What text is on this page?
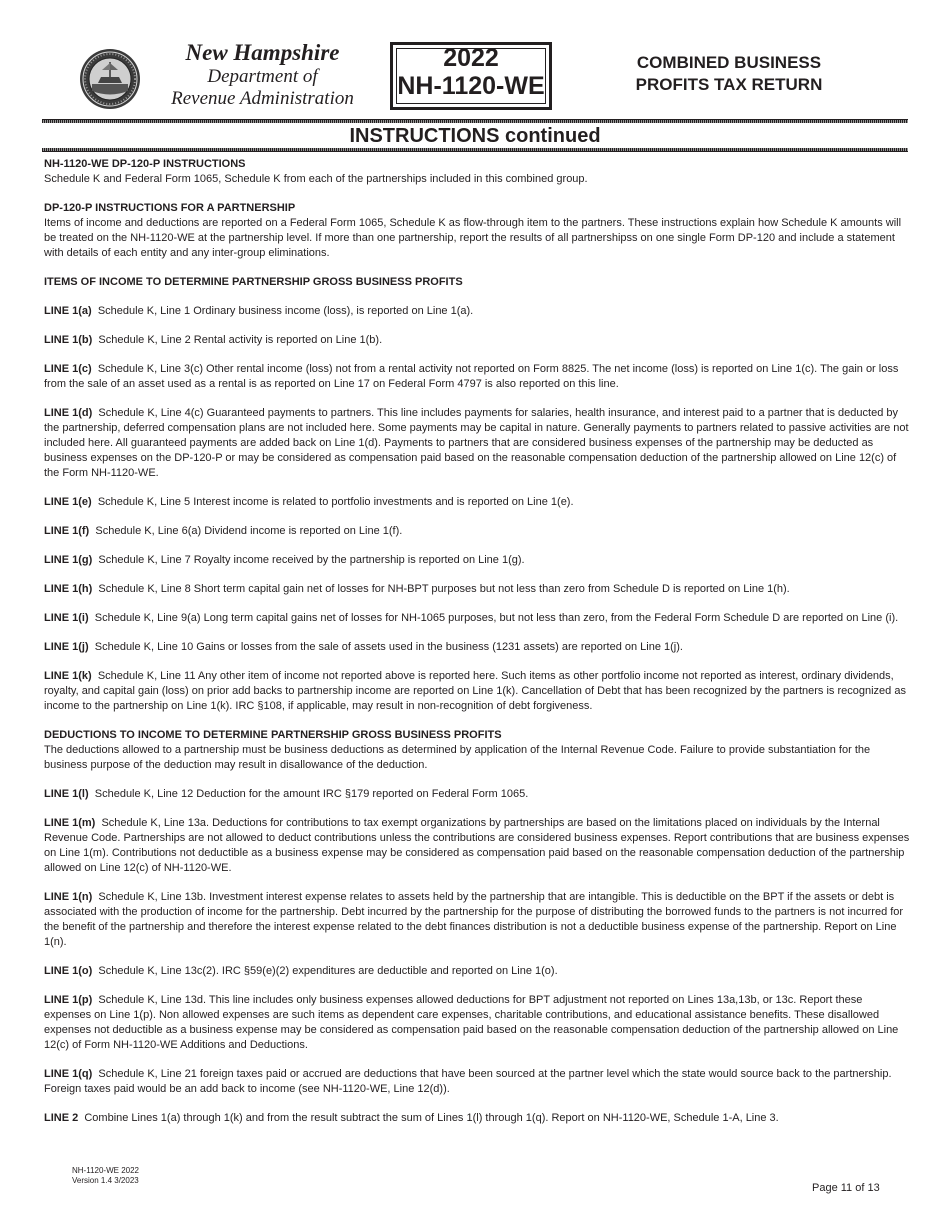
New Hampshire
Department of
Revenue Administration
2022
NH-1120-WE
COMBINED BUSINESS
PROFITS TAX RETURN
INSTRUCTIONS continued

NH-1120-WE DP-120-P INSTRUCTIONS
Schedule K and Federal Form 1065, Schedule K from each of the partnerships included in this combined group.

DP-120-P INSTRUCTIONS FOR A PARTNERSHIP
Items of income and deductions are reported on a Federal Form 1065, Schedule K as flow-through item to the partners. These instructions explain how Schedule K amounts will be treated on the NH-1120-WE at the partnership level. If more than one partnership, report the results of all partnershipss on one single Form DP-120 and include a statement with details of each entity and any inter-group eliminations.

ITEMS OF INCOME TO DETERMINE PARTNERSHIP GROSS BUSINESS PROFITS

LINE 1(a) Schedule K, Line 1 Ordinary business income (loss), is reported on Line 1(a).

LINE 1(b) Schedule K, Line 2 Rental activity is reported on Line 1(b).

LINE 1(c) Schedule K, Line 3(c) Other rental income (loss) not from a rental activity not reported on Form 8825. The net income (loss) is reported on Line 1(c). The gain or loss from the sale of an asset used as a rental is as reported on Line 17 on Federal Form 4797 is also reported on this line.

LINE 1(d) Schedule K, Line 4(c) Guaranteed payments to partners. This line includes payments for salaries, health insurance, and interest paid to a partner that is deducted by the partnership, deferred compensation plans are not included here. Some payments may be capital in nature. Generally payments to partners related to passive activities are not included here. All guaranteed payments are added back on Line 1(d). Payments to partners that are considered business expenses of the partnership may be deducted as business expenses on the DP-120-P or may be considered as compensation paid based on the reasonable compensation deduction of the partnership allowed on Line 12(c) of the Form NH-1120-WE.

LINE 1(e) Schedule K, Line 5 Interest income is related to portfolio investments and is reported on Line 1(e).

LINE 1(f) Schedule K, Line 6(a) Dividend income is reported on Line 1(f).

LINE 1(g) Schedule K, Line 7 Royalty income received by the partnership is reported on Line 1(g).

LINE 1(h) Schedule K, Line 8 Short term capital gain net of losses for NH-BPT purposes but not less than zero from Schedule D is reported on Line 1(h).

LINE 1(i) Schedule K, Line 9(a) Long term capital gains net of losses for NH-1065 purposes, but not less than zero, from the Federal Form Schedule D are reported on Line (i).

LINE 1(j) Schedule K, Line 10 Gains or losses from the sale of assets used in the business (1231 assets) are reported on Line 1(j).

LINE 1(k) Schedule K, Line 11 Any other item of income not reported above is reported here. Such items as other portfolio income not reported as interest, ordinary dividends, royalty, and capital gain (loss) on prior add backs to partnership income are reported on Line 1(k). Cancellation of Debt that has been recognized by the partners is recognized as income to the partnership on Line 1(k). IRC §108, if applicable, may result in non-recognition of debt forgiveness.

DEDUCTIONS TO INCOME TO DETERMINE PARTNERSHIP GROSS BUSINESS PROFITS
The deductions allowed to a partnership must be business deductions as determined by application of the Internal Revenue Code. Failure to provide substantiation for the business purpose of the deduction may result in disallowance of the deduction.

LINE 1(l) Schedule K, Line 12 Deduction for the amount IRC §179 reported on Federal Form 1065.

LINE 1(m) Schedule K, Line 13a. Deductions for contributions to tax exempt organizations by partnerships are based on the limitations placed on individuals by the Internal Revenue Code. Partnerships are not allowed to deduct contributions unless the contributions are considered business expenses. Report contributions that are business expenses on Line 1(m). Contributions not deductible as a business expense may be considered as compensation paid based on the reasonable compensation deduction of the partnership allowed on Line 12(c) of NH-1120-WE.

LINE 1(n) Schedule K, Line 13b. Investment interest expense relates to assets held by the partnership that are intangible. This is deductible on the BPT if the assets or debt is associated with the production of income for the partnership. Debt incurred by the partnership for the purpose of distributing the borrowed funds to the partners is not incurred for the benefit of the partnership and therefore the interest expense related to the debt finances distribution is not a deductible business expense of the partnership. Report on Line 1(n).

LINE 1(o) Schedule K, Line 13c(2). IRC §59(e)(2) expenditures are deductible and reported on Line 1(o).

LINE 1(p) Schedule K, Line 13d. This line includes only business expenses allowed deductions for BPT adjustment not reported on Lines 13a,13b, or 13c. Report these expenses on Line 1(p). Non allowed expenses are such items as dependent care expenses, charitable contributions, and educational assistance benefits. These disallowed expenses not deductible as a business expense may be considered as compensation paid based on the reasonable compensation deduction of the partnership allowed on Line 12(c) of Form NH-1120-WE Additions and Deductions.

LINE 1(q) Schedule K, Line 21 foreign taxes paid or accrued are deductions that have been sourced at the partner level which the state would source back to the partnership. Foreign taxes paid would be an add back to income (see NH-1120-WE, Line 12(d)).

LINE 2 Combine Lines 1(a) through 1(k) and from the result subtract the sum of Lines 1(l) through 1(q). Report on NH-1120-WE, Schedule 1-A, Line 3.

NH-1120-WE 2022
Version 1.4 3/2023
Page 11 of 13
